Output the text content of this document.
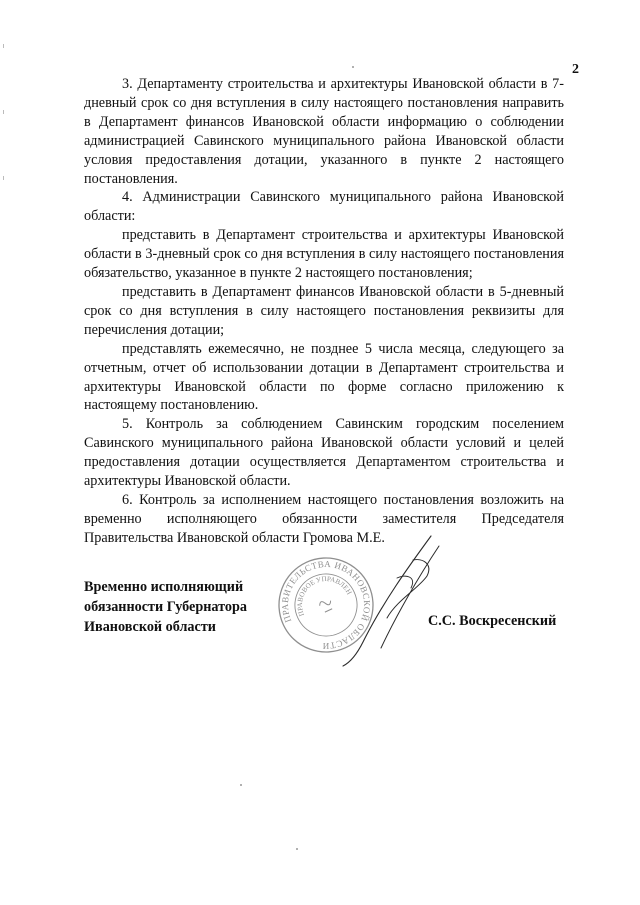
2

3. Департаменту строительства и архитектуры Ивановской области в 7-дневный срок со дня вступления в силу настоящего постановления направить в Департамент финансов Ивановской области информацию о соблюдении администрацией Савинского муниципального района Ивановской области условия предоставления дотации, указанного в пункте 2 настоящего постановления.

4. Администрации Савинского муниципального района Ивановской области:

представить в Департамент строительства и архитектуры Ивановской области в 3-дневный срок со дня вступления в силу настоящего постановления обязательство, указанное в пункте 2 настоящего постановления;

представить в Департамент финансов Ивановской области в 5-дневный срок со дня вступления в силу настоящего постановления реквизиты для перечисления дотации;

представлять ежемесячно, не позднее 5 числа месяца, следующего за отчетным, отчет об использовании дотации в Департамент строительства и архитектуры Ивановской области по форме согласно приложению к настоящему постановлению.

5. Контроль за соблюдением Савинским городским поселением Савинского муниципального района Ивановской области условий и целей предоставления дотации осуществляется Департаментом строительства и архитектуры Ивановской области.

6. Контроль за исполнением настоящего постановления возложить на временно исполняющего обязанности заместителя Председателя Правительства Ивановской области Громова М.Е.

Временно исполняющий
обязанности Губернатора
Ивановской области
ПРАВИТЕЛЬСТВА ИВАНОВСКОЙ ОБЛАСТИ
ПРАВОВОЕ УПРАВЛЕНИЕ
С.С. Воскресенский
